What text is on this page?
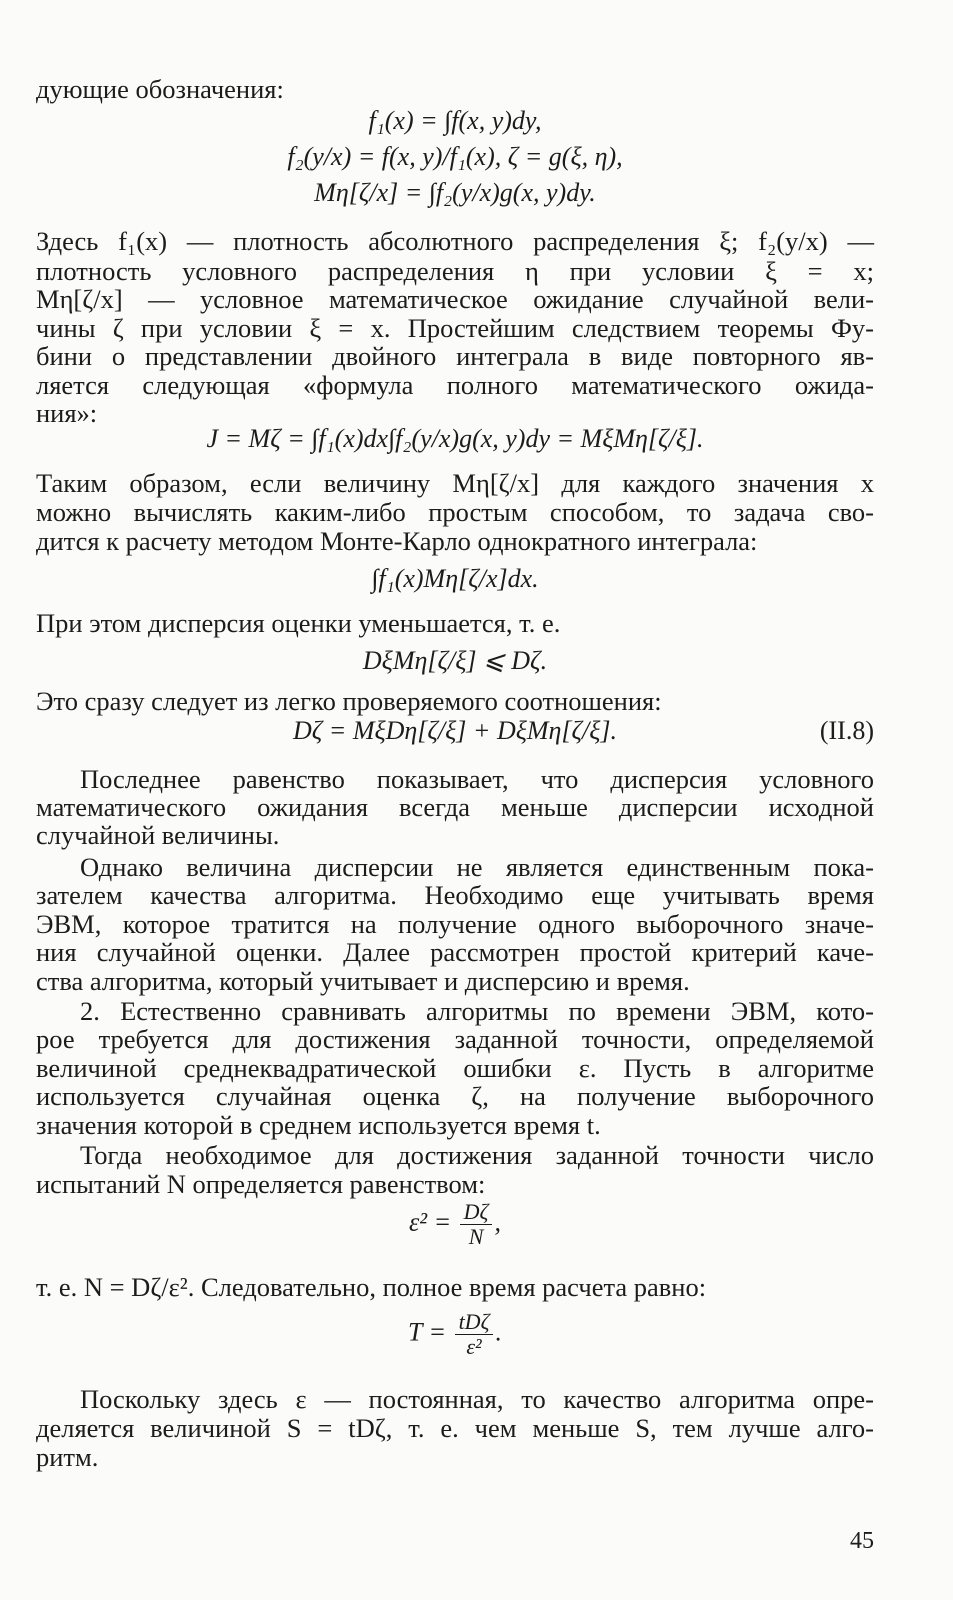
дующие обозначения:
f₁(x) = ∫f(x, y)dy,
f₂(y/x) = f(x, y)/f₁(x), ζ = g(ξ, η),
Mη[ζ/x] = ∫f₂(y/x)g(x, y)dy.
Здесь f₁(x) — плотность абсолютного распределения ξ; f₂(y/x) —
плотность условного распределения η при условии ξ = x;
Mη[ζ/x] — условное математическое ожидание случайной вели-
чины ζ при условии ξ = x. Простейшим следствием теоремы Фу-
бини о представлении двойного интеграла в виде повторного яв-
ляется следующая «формула полного математического ожида-
ния»:
J = Mζ = ∫f₁(x)dx∫f₂(y/x)g(x, y)dy = MξMη[ζ/ξ].
Таким образом, если величину Mη[ζ/x] для каждого значения x
можно вычислять каким-либо простым способом, то задача сво-
дится к расчету методом Монте-Карло однократного интеграла:
∫f₁(x)Mη[ζ/x]dx.
При этом дисперсия оценки уменьшается, т. е.
DξMη[ζ/ξ] ⩽ Dζ.
Это сразу следует из легко проверяемого соотношения:
Dζ = MξDη[ζ/ξ] + DξMη[ζ/ξ].	(II.8)
Последнее равенство показывает, что дисперсия условного
математического ожидания всегда меньше дисперсии исходной
случайной величины.
Однако величина дисперсии не является единственным пока-
зателем качества алгоритма. Необходимо еще учитывать время
ЭВМ, которое тратится на получение одного выборочного значе-
ния случайной оценки. Далее рассмотрен простой критерий каче-
ства алгоритма, который учитывает и дисперсию и время.
2. Естественно сравнивать алгоритмы по времени ЭВМ, кото-
рое требуется для достижения заданной точности, определяемой
величиной среднеквадратической ошибки ε. Пусть в алгоритме
используется случайная оценка ζ, на получение выборочного
значения которой в среднем используется время t.
Тогда необходимое для достижения заданной точности число
испытаний N определяется равенством:
т. е. N = Dζ/ε². Следовательно, полное время расчета равно:
Поскольку здесь ε — постоянная, то качество алгоритма опре-
деляется величиной S = tDζ, т. е. чем меньше S, тем лучше алго-
ритм.
$\varepsilon^2 = \frac{D\zeta}{N}$ ,
$T = \frac{\text{tDζ}}{\text{ε²}}$ .
45
